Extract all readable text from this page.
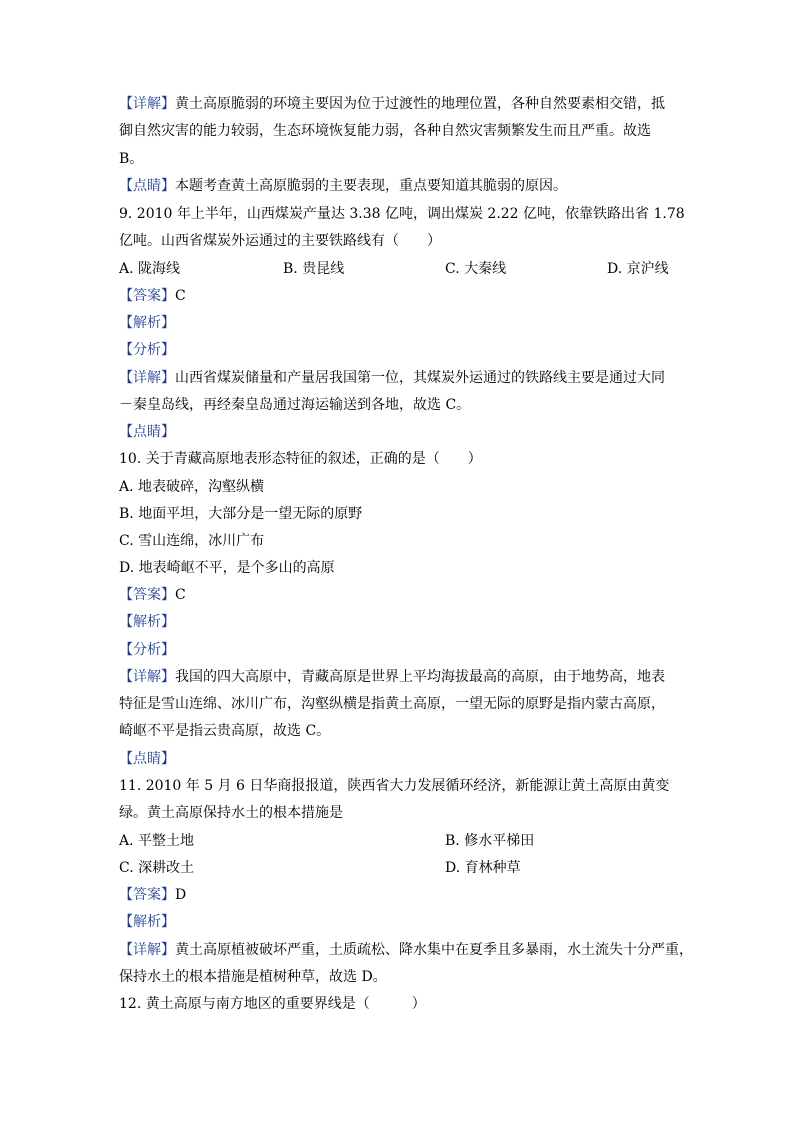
【详解】黄土高原脆弱的环境主要因为位于过渡性的地理位置，各种自然要素相交错，抵
御自然灾害的能力较弱，生态环境恢复能力弱，各种自然灾害频繁发生而且严重。故选
B。
【点睛】本题考查黄土高原脆弱的主要表现，重点要知道其脆弱的原因。
9. 2010 年上半年，山西煤炭产量达 3.38 亿吨，调出煤炭 2.22 亿吨，依靠铁路出省 1.78
亿吨。山西省煤炭外运通过的主要铁路线有（　　）
A. 陇海线	B. 贵昆线	C. 大秦线	D. 京沪线
【答案】C
【解析】
【分析】
【详解】山西省煤炭储量和产量居我国第一位，其煤炭外运通过的铁路线主要是通过大同
－秦皇岛线，再经秦皇岛通过海运输送到各地，故选 C。
【点睛】
10. 关于青藏高原地表形态特征的叙述，正确的是（　　）
A. 地表破碎，沟壑纵横
B. 地面平坦，大部分是一望无际的原野
C. 雪山连绵，冰川广布
D. 地表崎岖不平，是个多山的高原
【答案】C
【解析】
【分析】
【详解】我国的四大高原中，青藏高原是世界上平均海拔最高的高原，由于地势高，地表
特征是雪山连绵、冰川广布，沟壑纵横是指黄土高原，一望无际的原野是指内蒙古高原，
崎岖不平是指云贵高原，故选 C。
【点睛】
11. 2010 年 5 月 6 日华商报报道，陕西省大力发展循环经济，新能源让黄土高原由黄变
绿。黄土高原保持水土的根本措施是
A. 平整土地	B. 修水平梯田
C. 深耕改土	D. 育林种草
【答案】D
【解析】
【详解】黄土高原植被破坏严重，土质疏松、降水集中在夏季且多暴雨，水土流失十分严重，
保持水土的根本措施是植树种草，故选 D。
12. 黄土高原与南方地区的重要界线是（　　　）
